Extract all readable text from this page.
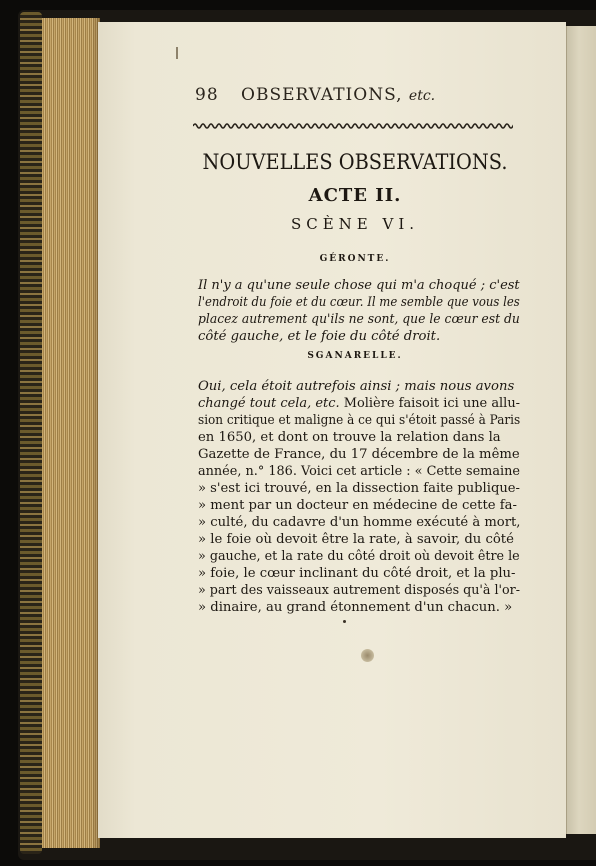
98 OBSERVATIONS, etc.
NOUVELLES OBSERVATIONS.
ACTE II.
SCÈNE VI.
GÉRONTE.
Il n'y a qu'une seule chose qui m'a choqué ; c'est
l'endroit du foie et du cœur. Il me semble que vous les
placez autrement qu'ils ne sont, que le cœur est du
côté gauche, et le foie du côté droit.
SGANARELLE.
Oui, cela étoit autrefois ainsi ; mais nous avons
changé tout cela, etc. Molière faisoit ici une allu-
sion critique et maligne à ce qui s'étoit passé à Paris
en 1650, et dont on trouve la relation dans la
Gazette de France, du 17 décembre de la même
année, n.° 186. Voici cet article : « Cette semaine
» s'est ici trouvé, en la dissection faite publique-
» ment par un docteur en médecine de cette fa-
» culté, du cadavre d'un homme exécuté à mort,
» le foie où devoit être la rate, à savoir, du côté
» gauche, et la rate du côté droit où devoit être le
» foie, le cœur inclinant du côté droit, et la plu-
» part des vaisseaux autrement disposés qu'à l'or-
» dinaire, au grand étonnement d'un chacun. »
